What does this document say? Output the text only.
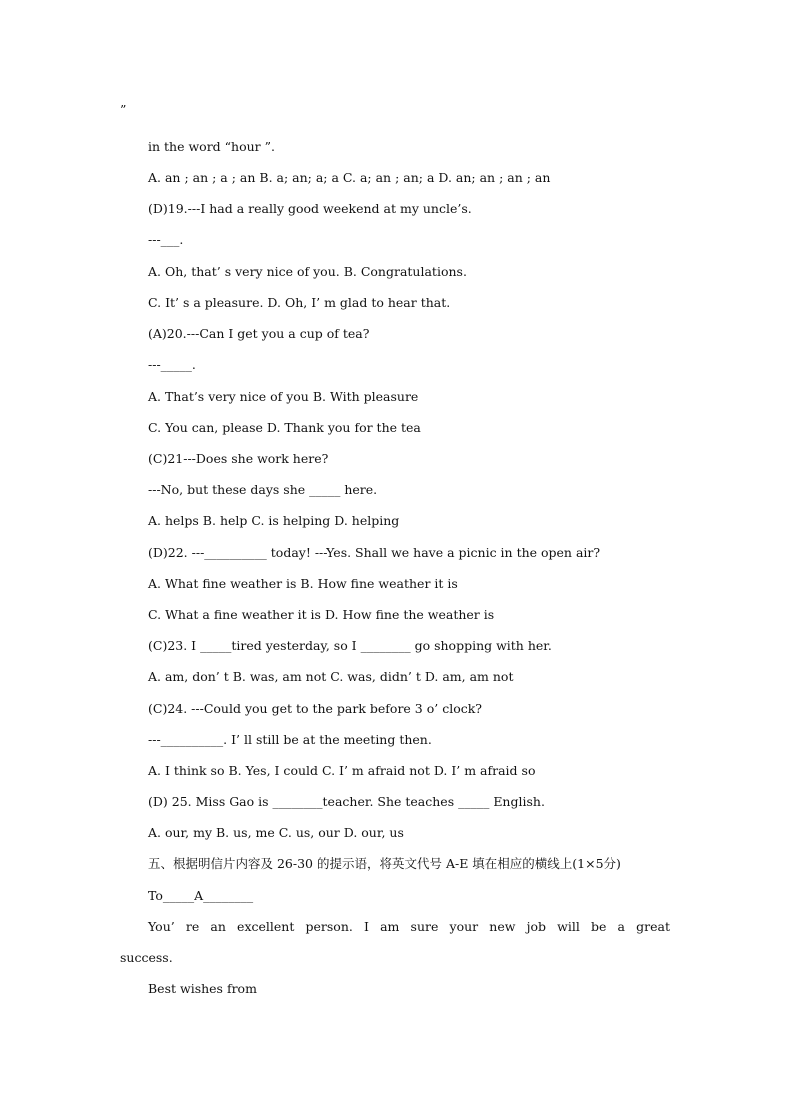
”
in the word “hour ”.
A. an ; an ; a ; an B. a; an; a; a C. a; an ; an; a D. an; an ; an ; an
(D)19.---I had a really good weekend at my uncle’s.
---___.
A. Oh, that’ s very nice of you. B. Congratulations.
C. It’ s a pleasure. D. Oh, I’ m glad to hear that.
(A)20.---Can I get you a cup of tea?
---_____.
A. That’s very nice of you B. With pleasure
C. You can, please D. Thank you for the tea
(C)21---Does she work here?
---No, but these days she _____ here.
A. helps B. help C. is helping D. helping
(D)22. ---__________ today! ---Yes. Shall we have a picnic in the open air?
A. What fine weather is B. How fine weather it is
C. What a fine weather it is D. How fine the weather is
(C)23. I _____tired yesterday, so I ________ go shopping with her.
A. am, don’ t B. was, am not C. was, didn’ t D. am, am not
(C)24. ---Could you get to the park before 3 o’ clock?
---__________. I’ ll still be at the meeting then.
A. I think so B. Yes, I could C. I’ m afraid not D. I’ m afraid so
(D) 25. Miss Gao is ________teacher. She teaches _____ English.
A. our, my B. us, me C. us, our D. our, us
五、根据明信片内容及 26-30 的提示语，将英文代号 A-E 填在相应的横线上(1×5分)
To_____A________
You’ re an excellent person. I am sure your new job will be a great
success.
Best wishes from
